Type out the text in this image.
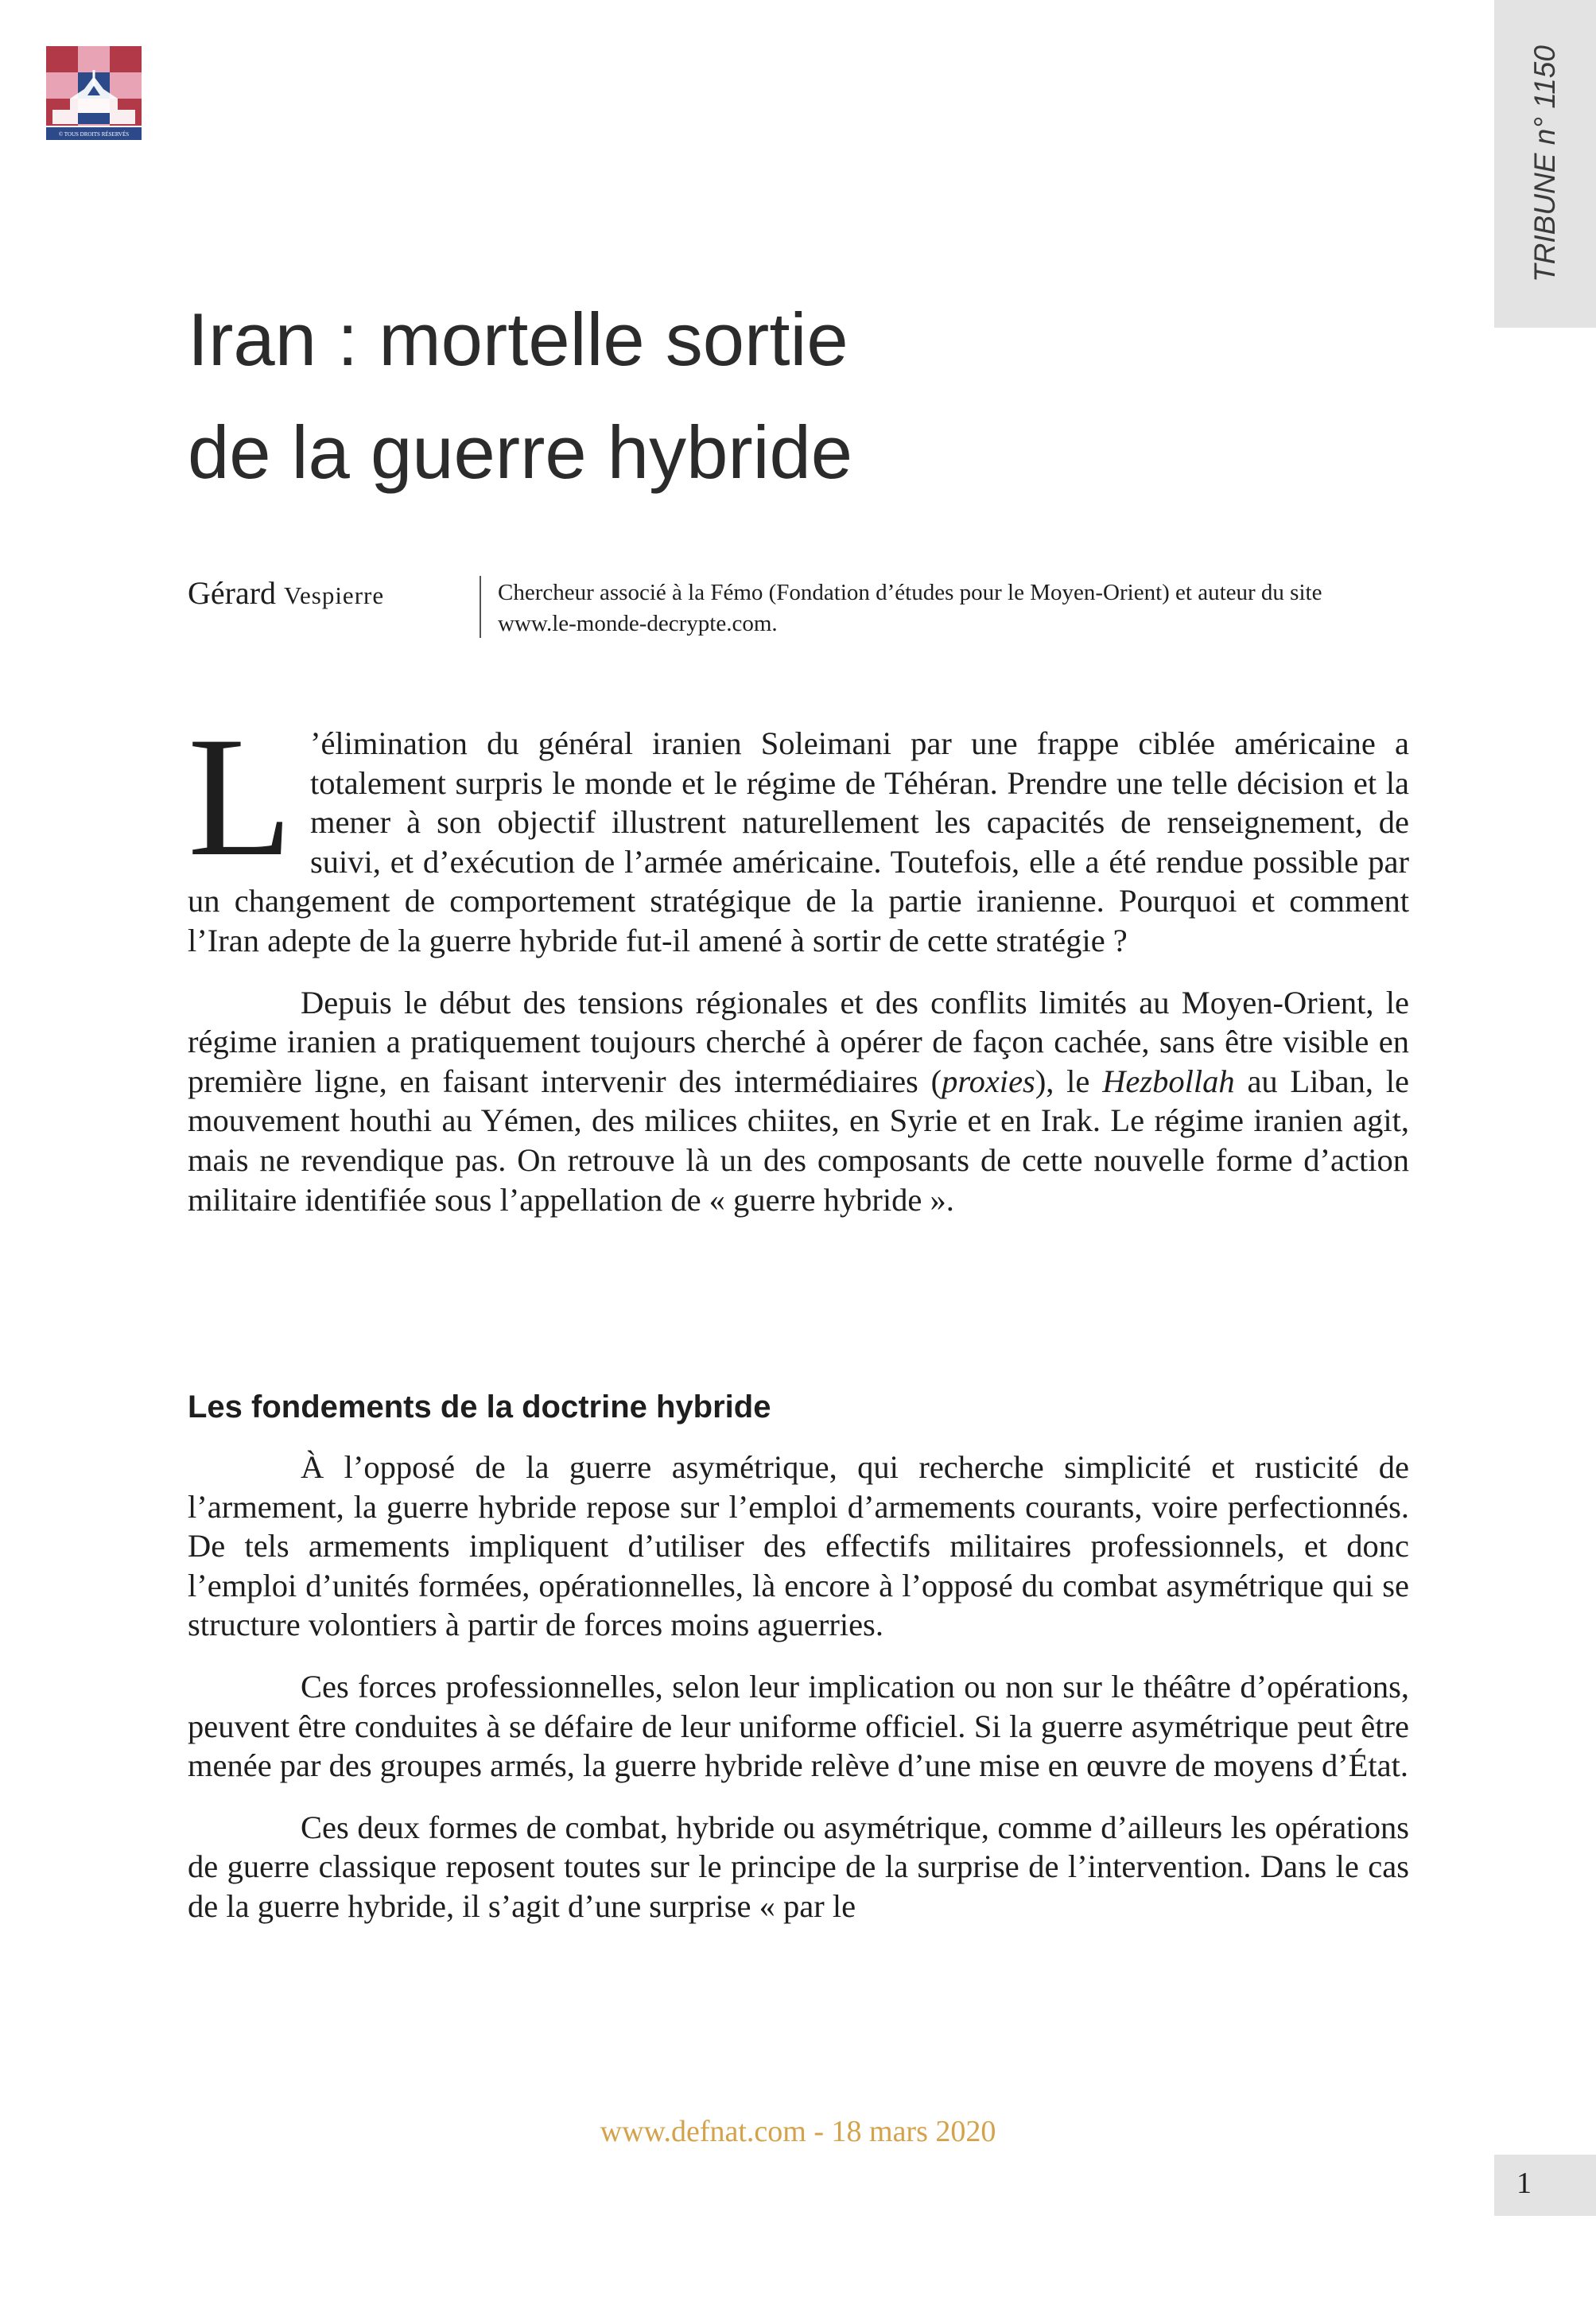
© TOUS DROITS RÉSERVÉS	TRIBUNE n° 1150
Iran : mortelle sortie
de la guerre hybride
Gérard Vespierre	Chercheur associé à la Fémo (Fondation d’études pour le Moyen-Orient) et auteur du site
www.le-monde-decrypte.com.

L ’élimination du général iranien Soleimani par une frappe ciblée américaine a totalement surpris le monde et le régime de Téhéran. Prendre une telle décision et la mener à son objectif illustrent naturellement les capacités de renseignement, de suivi, et d’exécution de l’armée américaine. Toutefois, elle a été rendue possible par un changement de comportement stratégique de la partie iranienne. Pourquoi et comment l’Iran adepte de la guerre hybride fut-il amené à sortir de cette stratégie ?

Depuis le début des tensions régionales et des conflits limités au Moyen-Orient, le régime iranien a pratiquement toujours cherché à opérer de façon cachée, sans être visible en première ligne, en faisant intervenir des intermédiaires (proxies), le Hezbollah au Liban, le mouvement houthi au Yémen, des milices chiites, en Syrie et en Irak. Le régime iranien agit, mais ne revendique pas. On retrouve là un des composants de cette nouvelle forme d’action militaire identifiée sous l’appellation de « guerre hybride ».

Les fondements de la doctrine hybride

À l’opposé de la guerre asymétrique, qui recherche simplicité et rusticité de l’armement, la guerre hybride repose sur l’emploi d’armements courants, voire perfectionnés. De tels armements impliquent d’utiliser des effectifs militaires professionnels, et donc l’emploi d’unités formées, opérationnelles, là encore à l’opposé du combat asymétrique qui se structure volontiers à partir de forces moins aguerries.

Ces forces professionnelles, selon leur implication ou non sur le théâtre d’opérations, peuvent être conduites à se défaire de leur uniforme officiel. Si la guerre asymétrique peut être menée par des groupes armés, la guerre hybride relève d’une mise en œuvre de moyens d’État.

Ces deux formes de combat, hybride ou asymétrique, comme d’ailleurs les opérations de guerre classique reposent toutes sur le principe de la surprise de l’intervention. Dans le cas de la guerre hybride, il s’agit d’une surprise « par le

www.defnat.com - 18 mars 2020
1
